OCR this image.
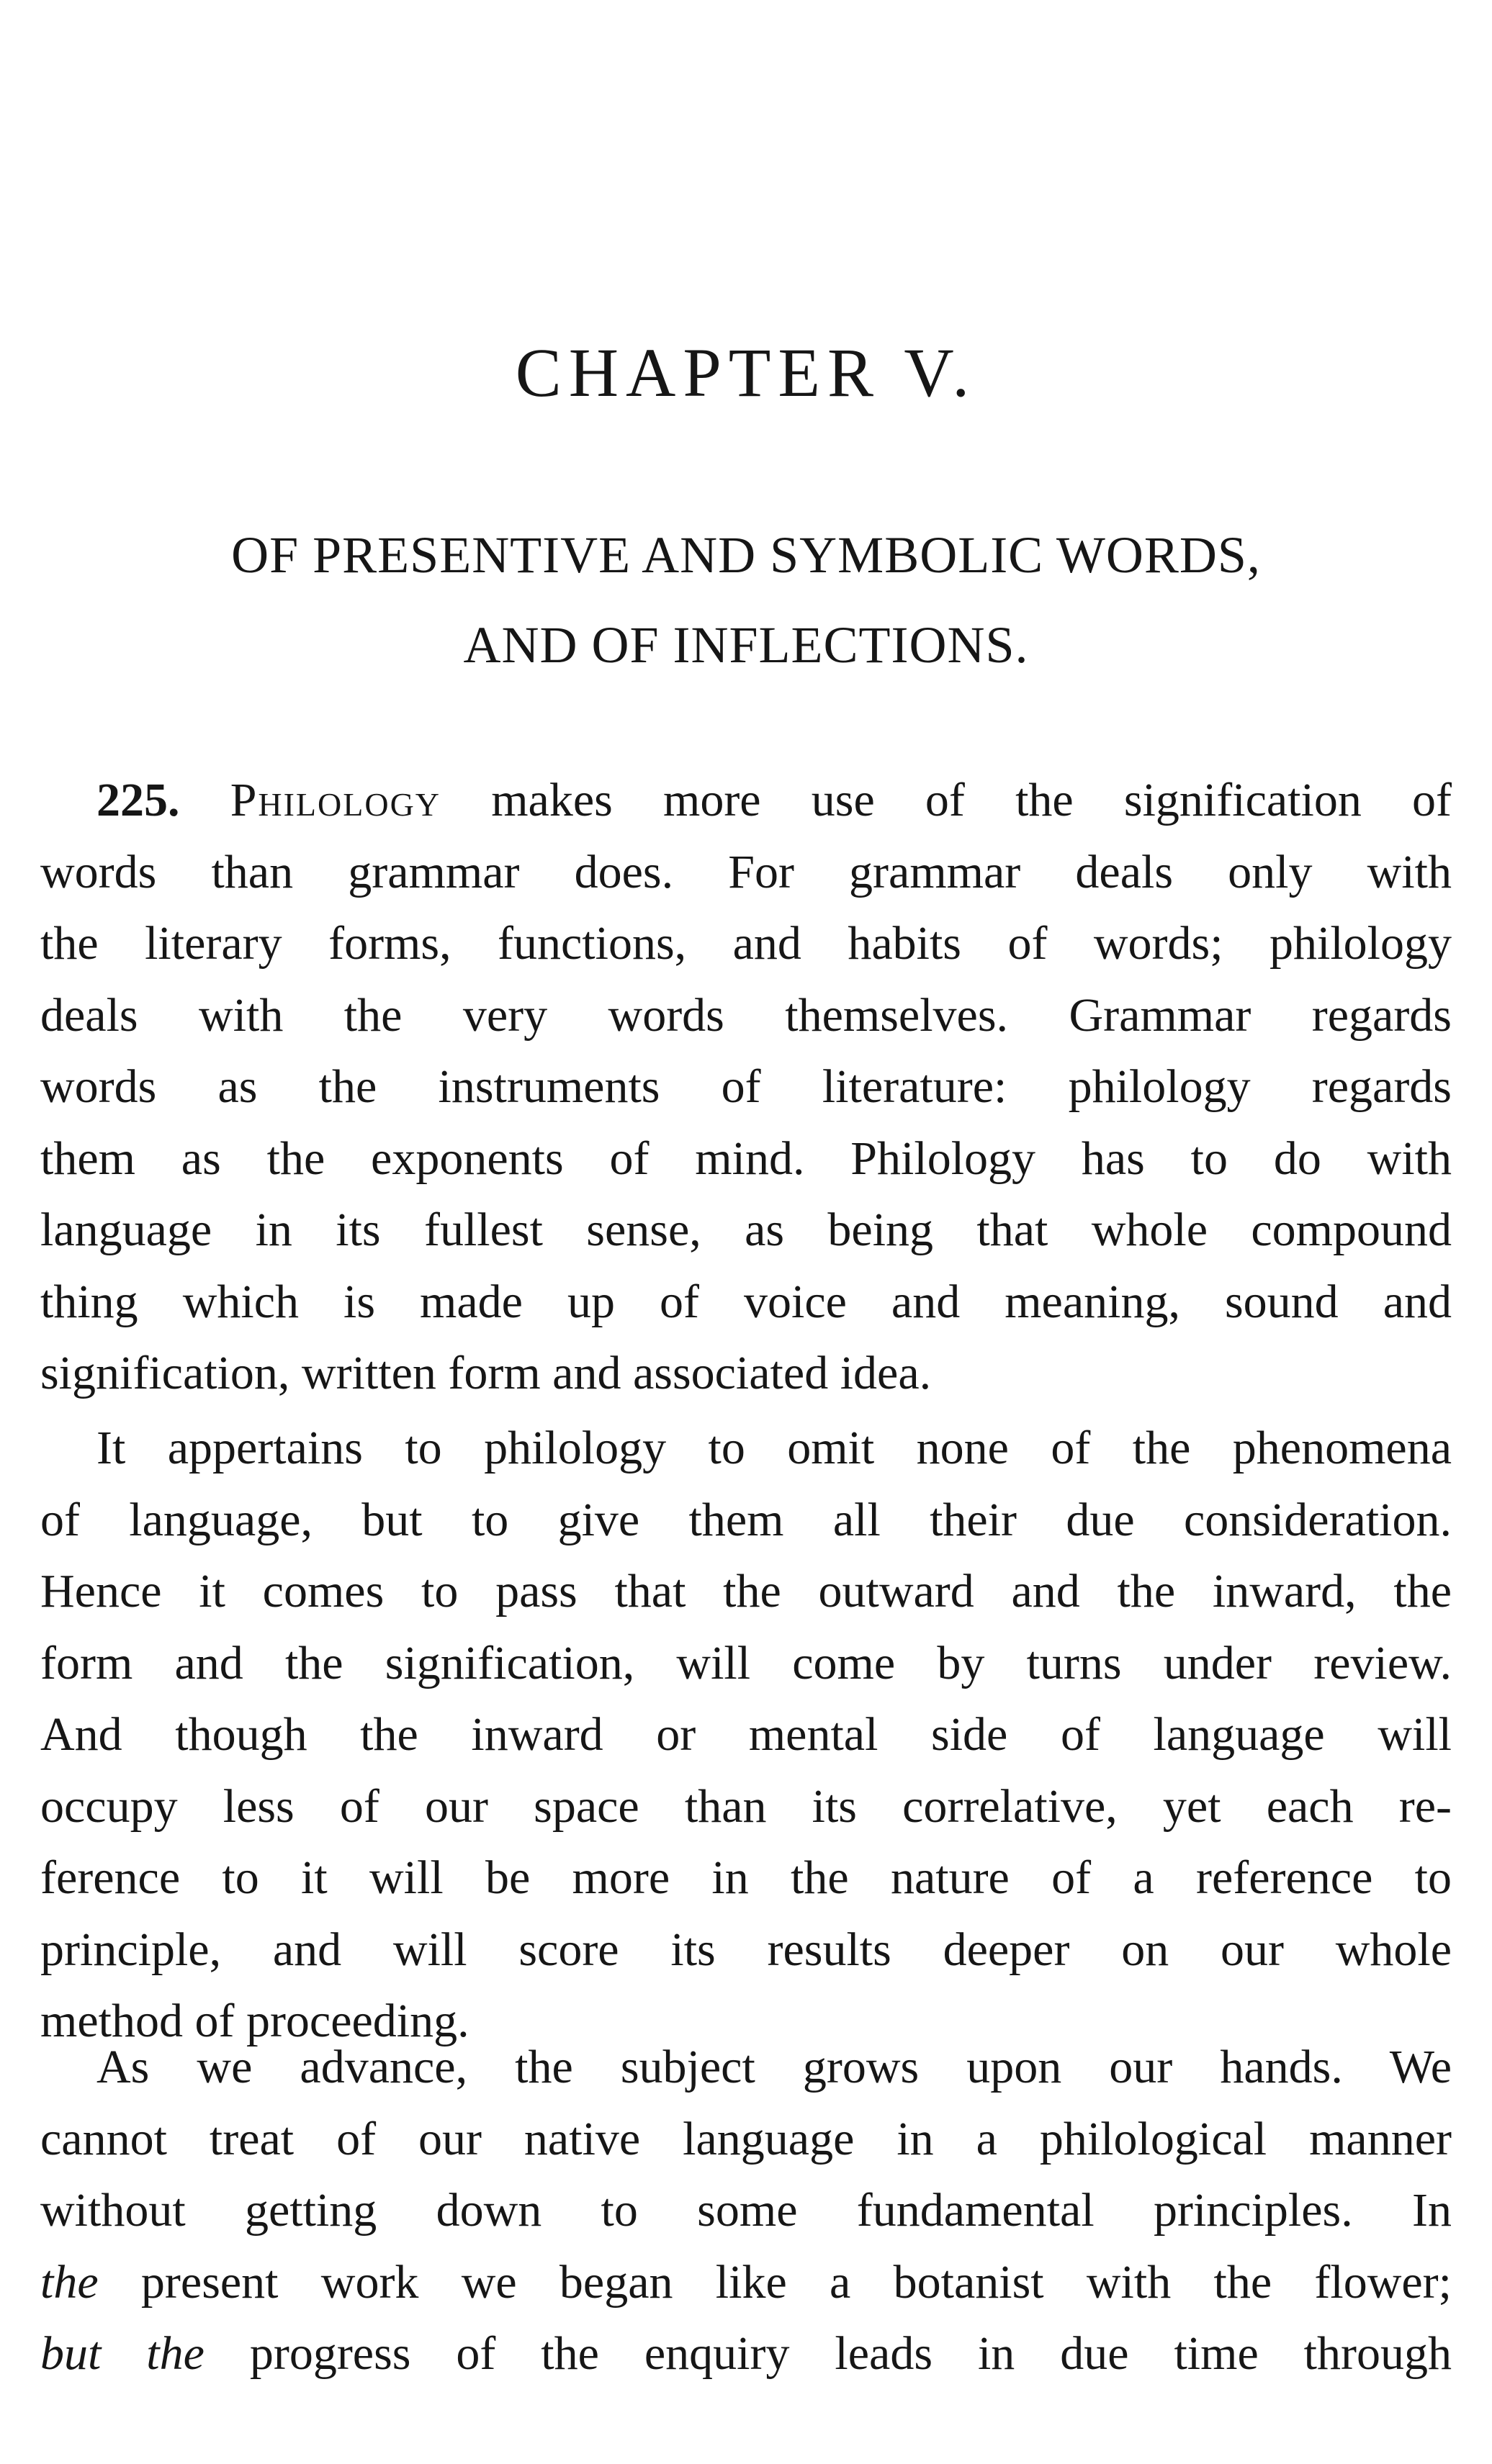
CHAPTER V.
OF PRESENTIVE AND SYMBOLIC WORDS,
AND OF INFLECTIONS.
225. Philology makes more use of the signification of
words than grammar does. For grammar deals only with
the literary forms, functions, and habits of words; philology
deals with the very words themselves. Grammar regards
words as the instruments of literature: philology regards
them as the exponents of mind. Philology has to do with
language in its fullest sense, as being that whole compound
thing which is made up of voice and meaning, sound and
signification, written form and associated idea.
It appertains to philology to omit none of the phenomena
of language, but to give them all their due consideration.
Hence it comes to pass that the outward and the inward, the
form and the signification, will come by turns under review.
And though the inward or mental side of language will
occupy less of our space than its correlative, yet each re-
ference to it will be more in the nature of a reference to
principle, and will score its results deeper on our whole
method of proceeding.
As we advance, the subject grows upon our hands. We
cannot treat of our native language in a philological manner
without getting down to some fundamental principles. In
the present work we began like a botanist with the flower;
but the progress of the enquiry leads in due time through
